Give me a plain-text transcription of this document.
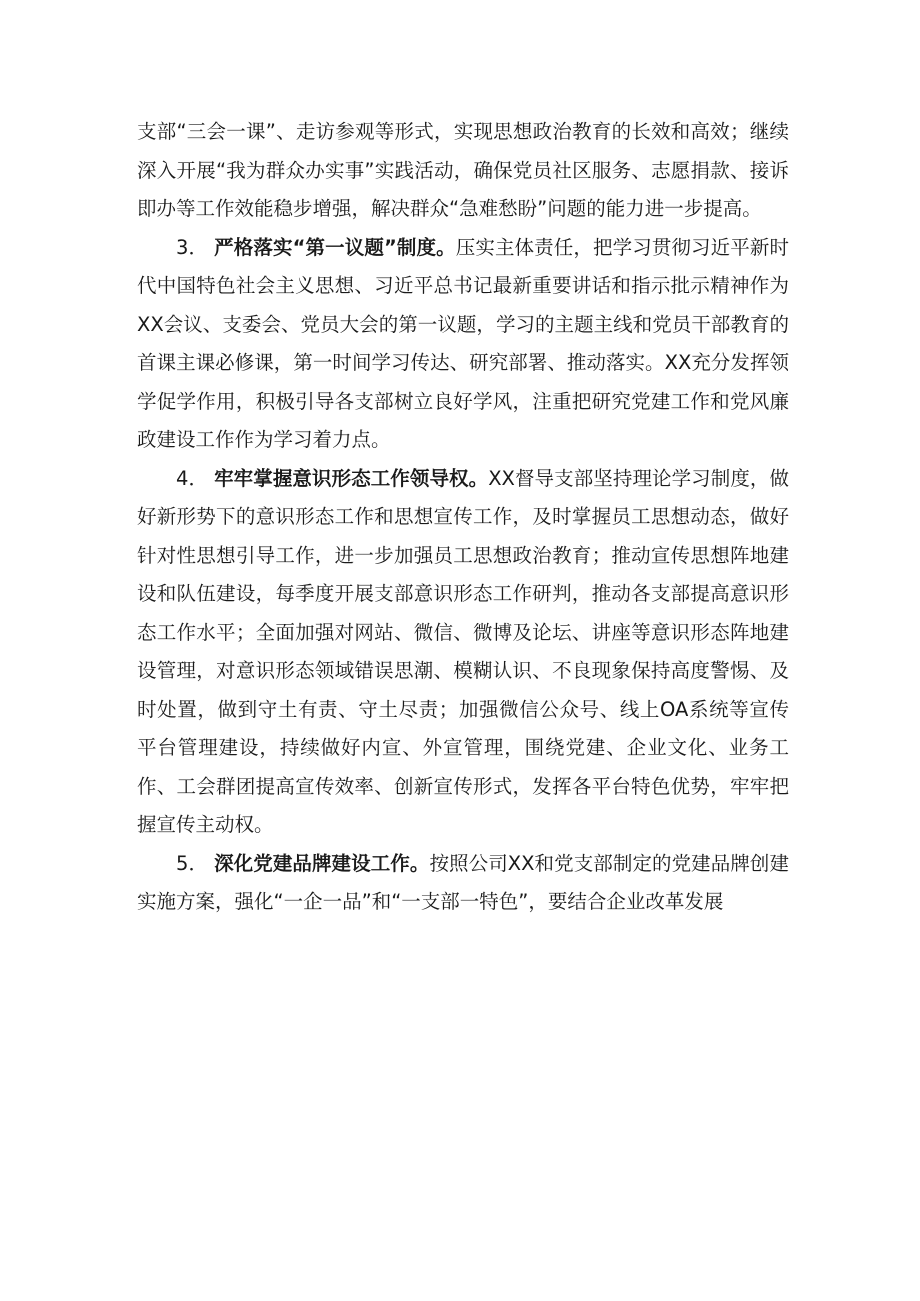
支部“三会一课”、走访参观等形式，实现思想政治教育的长效和高效；继续深入开展“我为群众办实事”实践活动，确保党员社区服务、志愿捐款、接诉即办等工作效能稳步增强，解决群众“急难愁盼”问题的能力进一步提高。

3． 严格落实“第一议题”制度。压实主体责任，把学习贯彻习近平新时代中国特色社会主义思想、习近平总书记最新重要讲话和指示批示精神作为XX会议、支委会、党员大会的第一议题，学习的主题主线和党员干部教育的首课主课必修课，第一时间学习传达、研究部署、推动落实。XX充分发挥领学促学作用，积极引导各支部树立良好学风，注重把研究党建工作和党风廉政建设工作作为学习着力点。

4． 牢牢掌握意识形态工作领导权。XX督导支部坚持理论学习制度，做好新形势下的意识形态工作和思想宣传工作，及时掌握员工思想动态，做好针对性思想引导工作，进一步加强员工思想政治教育；推动宣传思想阵地建设和队伍建设，每季度开展支部意识形态工作研判，推动各支部提高意识形态工作水平；全面加强对网站、微信、微博及论坛、讲座等意识形态阵地建设管理，对意识形态领域错误思潮、模糊认识、不良现象保持高度警惕、及时处置，做到守土有责、守土尽责；加强微信公众号、线上OA系统等宣传平台管理建设，持续做好内宣、外宣管理，围绕党建、企业文化、业务工作、工会群团提高宣传效率、创新宣传形式，发挥各平台特色优势，牢牢把握宣传主动权。

5． 深化党建品牌建设工作。按照公司XX和党支部制定的党建品牌创建实施方案，强化“一企一品”和“一支部一特色”，要结合企业改革发展
